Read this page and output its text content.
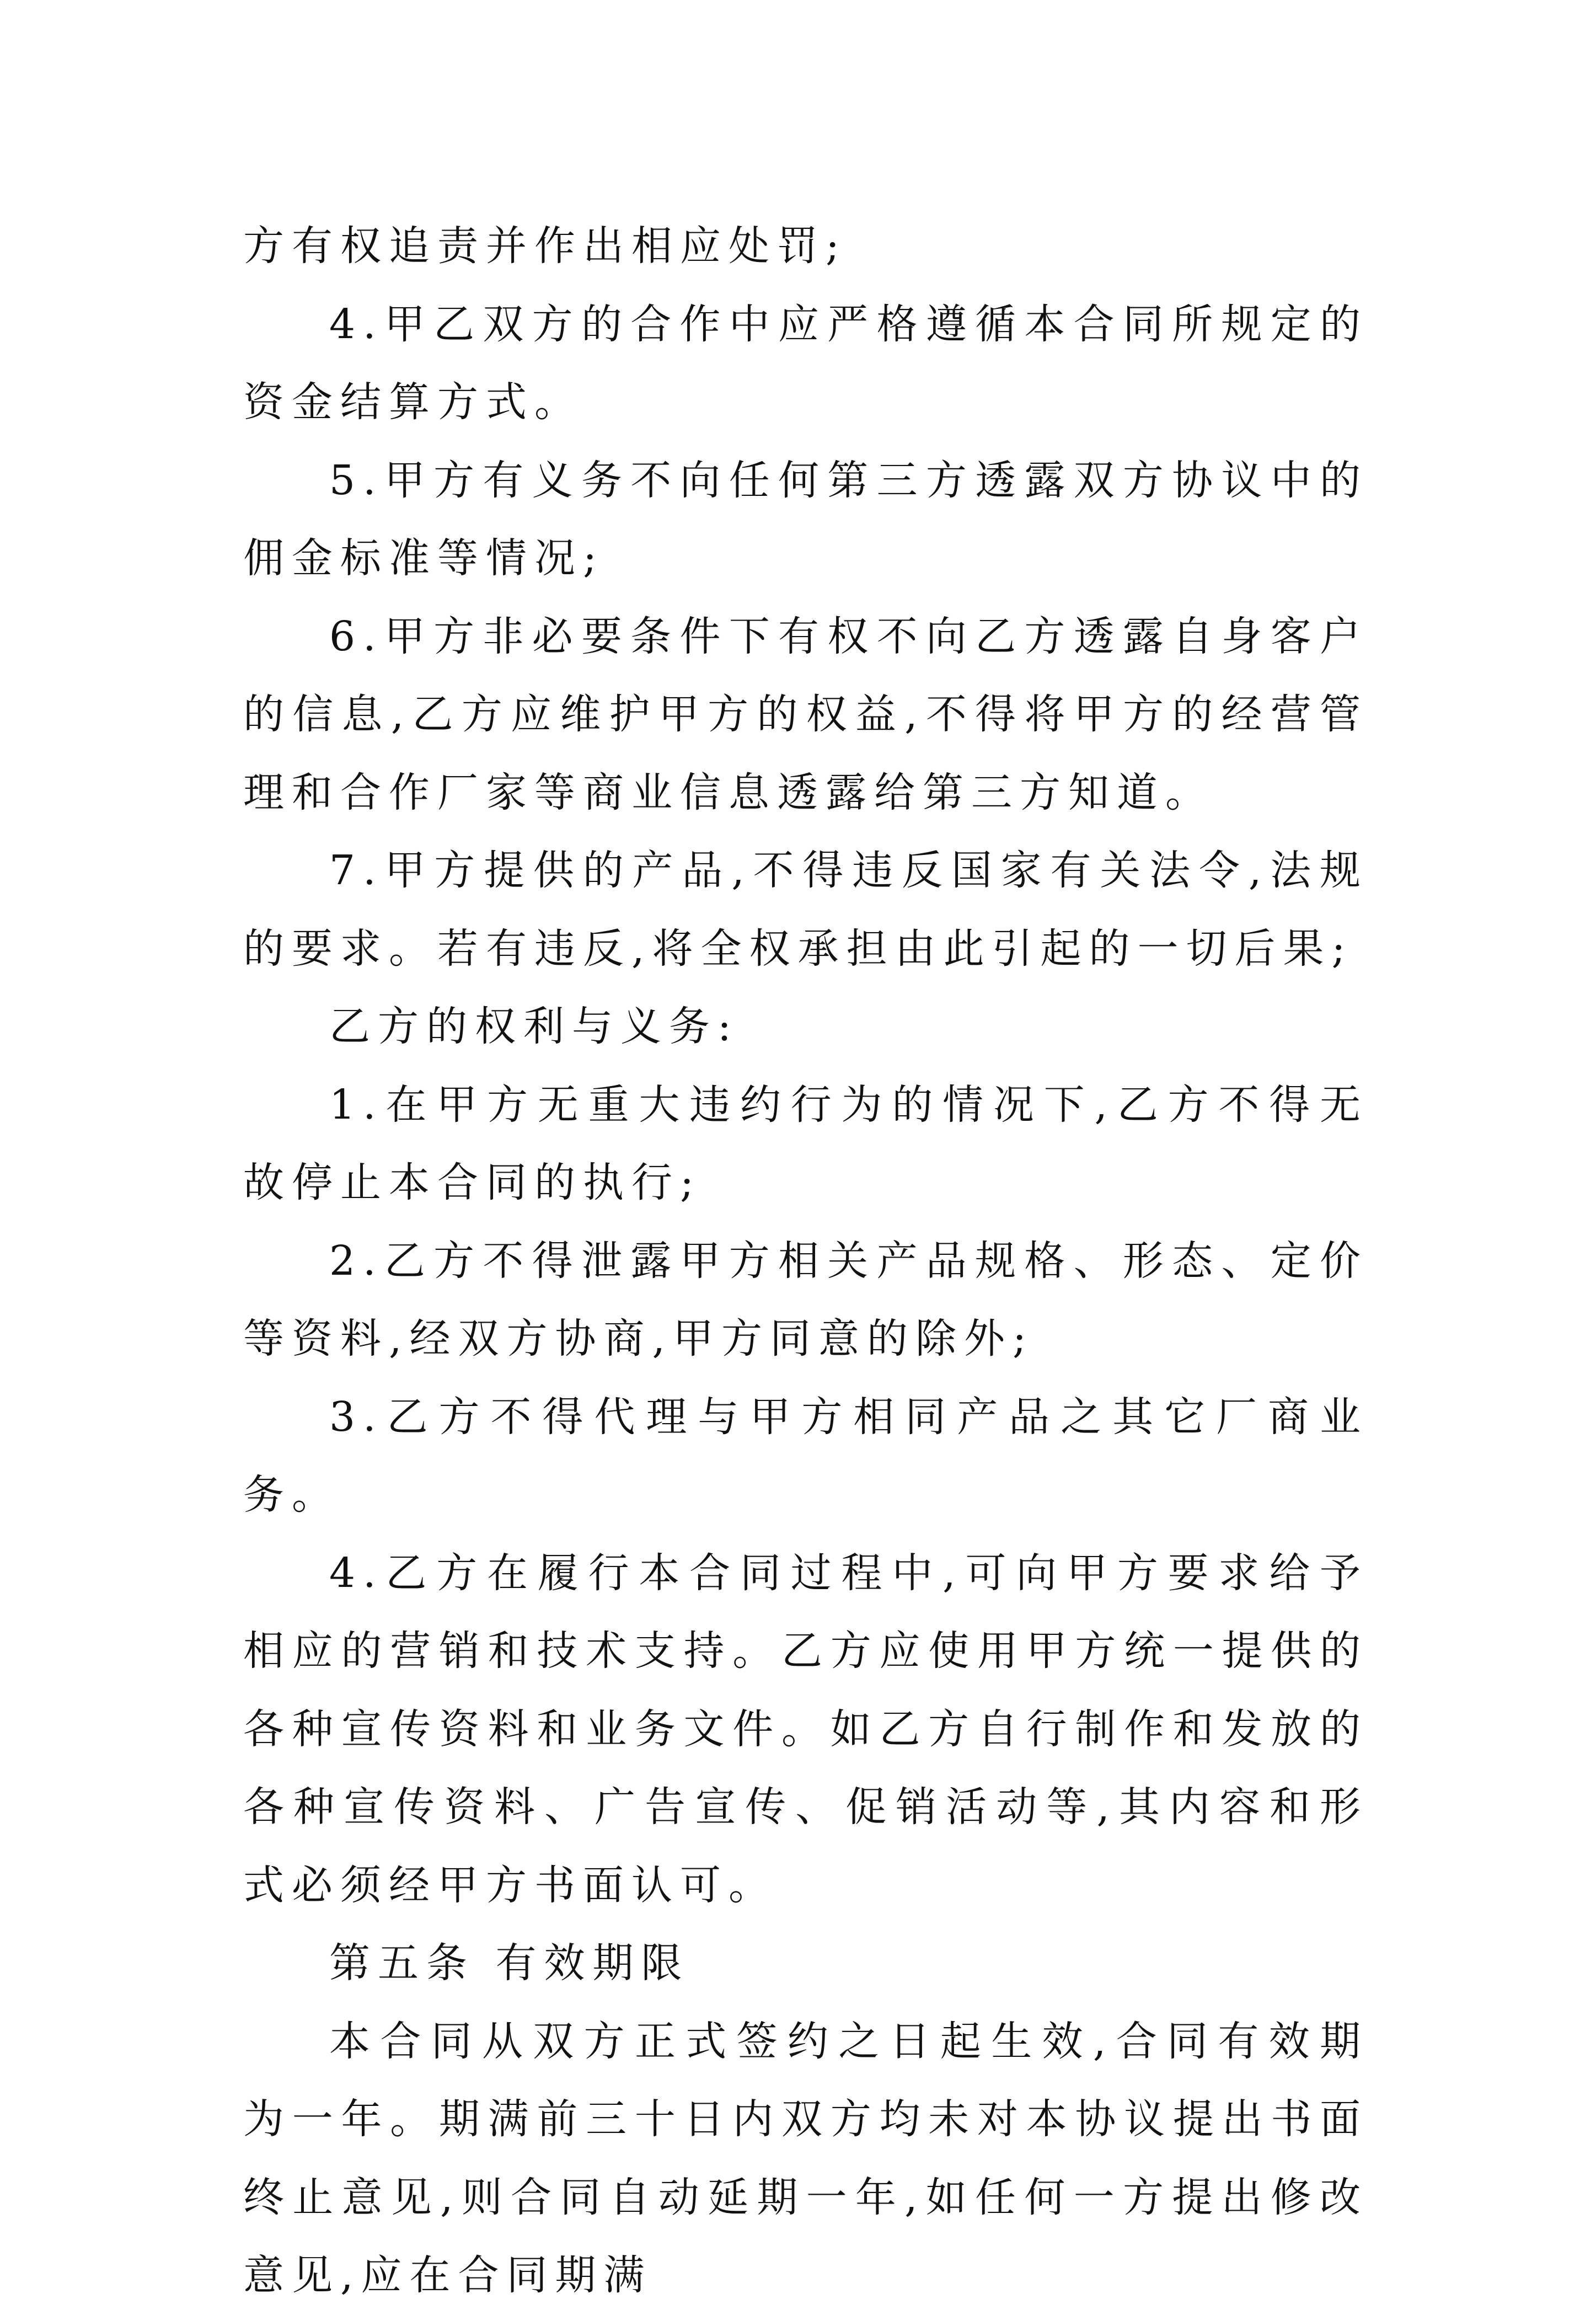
方有权追责并作出相应处罚;

4.甲乙双方的合作中应严格遵循本合同所规定的资金结算方式。

5.甲方有义务不向任何第三方透露双方协议中的佣金标准等情况;

6.甲方非必要条件下有权不向乙方透露自身客户的信息,乙方应维护甲方的权益,不得将甲方的经营管理和合作厂家等商业信息透露给第三方知道。

7.甲方提供的产品,不得违反国家有关法令,法规的要求。若有违反,将全权承担由此引起的一切后果;

乙方的权利与义务:

1.在甲方无重大违约行为的情况下,乙方不得无故停止本合同的执行;

2.乙方不得泄露甲方相关产品规格、形态、定价等资料,经双方协商,甲方同意的除外;

3.乙方不得代理与甲方相同产品之其它厂商业务。

4.乙方在履行本合同过程中,可向甲方要求给予相应的营销和技术支持。乙方应使用甲方统一提供的各种宣传资料和业务文件。如乙方自行制作和发放的各种宣传资料、广告宣传、促销活动等,其内容和形式必须经甲方书面认可。

第五条 有效期限

本合同从双方正式签约之日起生效,合同有效期为一年。期满前三十日内双方均未对本协议提出书面终止意见,则合同自动延期一年,如任何一方提出修改意见,应在合同期满
